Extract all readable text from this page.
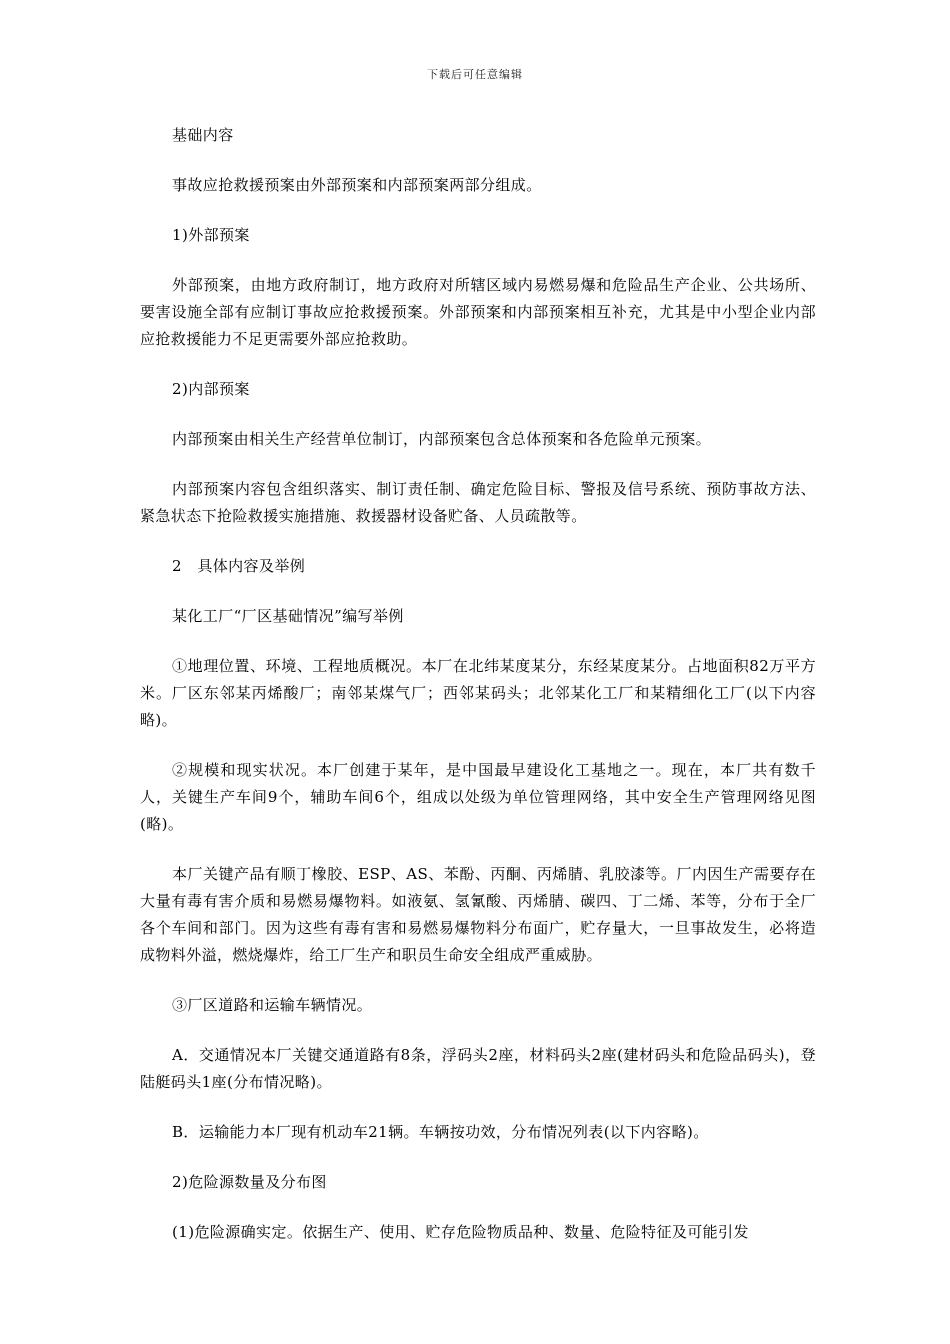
下载后可任意编辑

基础内容

事故应抢救援预案由外部预案和内部预案两部分组成。

1)外部预案

外部预案，由地方政府制订，地方政府对所辖区域内易燃易爆和危险品生产企业、公共场所、要害设施全部有应制订事故应抢救援预案。外部预案和内部预案相互补充，尤其是中小型企业内部应抢救援能力不足更需要外部应抢救助。

2)内部预案

内部预案由相关生产经营单位制订，内部预案包含总体预案和各危险单元预案。

内部预案内容包含组织落实、制订责任制、确定危险目标、警报及信号系统、预防事故方法、紧急状态下抢险救援实施措施、救援器材设备贮备、人员疏散等。

2　具体内容及举例

某化工厂“厂区基础情况”编写举例

①地理位置、环境、工程地质概况。本厂在北纬某度某分，东经某度某分。占地面积82万平方米。厂区东邻某丙烯酸厂；南邻某煤气厂；西邻某码头；北邻某化工厂和某精细化工厂(以下内容略)。

②规模和现实状况。本厂创建于某年，是中国最早建设化工基地之一。现在，本厂共有数千人，关键生产车间9个，辅助车间6个，组成以处级为单位管理网络，其中安全生产管理网络见图(略)。

本厂关键产品有顺丁橡胶、ESP、AS、苯酚、丙酮、丙烯腈、乳胶漆等。厂内因生产需要存在大量有毒有害介质和易燃易爆物料。如液氨、氢氰酸、丙烯腈、碳四、丁二烯、苯等，分布于全厂各个车间和部门。因为这些有毒有害和易燃易爆物料分布面广，贮存量大，一旦事故发生，必将造成物料外溢，燃烧爆炸，给工厂生产和职员生命安全组成严重威胁。

③厂区道路和运输车辆情况。

A．交通情况本厂关键交通道路有8条，浮码头2座，材料码头2座(建材码头和危险品码头)，登陆艇码头1座(分布情况略)。

B．运输能力本厂现有机动车21辆。车辆按功效，分布情况列表(以下内容略)。

2)危险源数量及分布图

(1)危险源确实定。依据生产、使用、贮存危险物质品种、数量、危险特征及可能引发
